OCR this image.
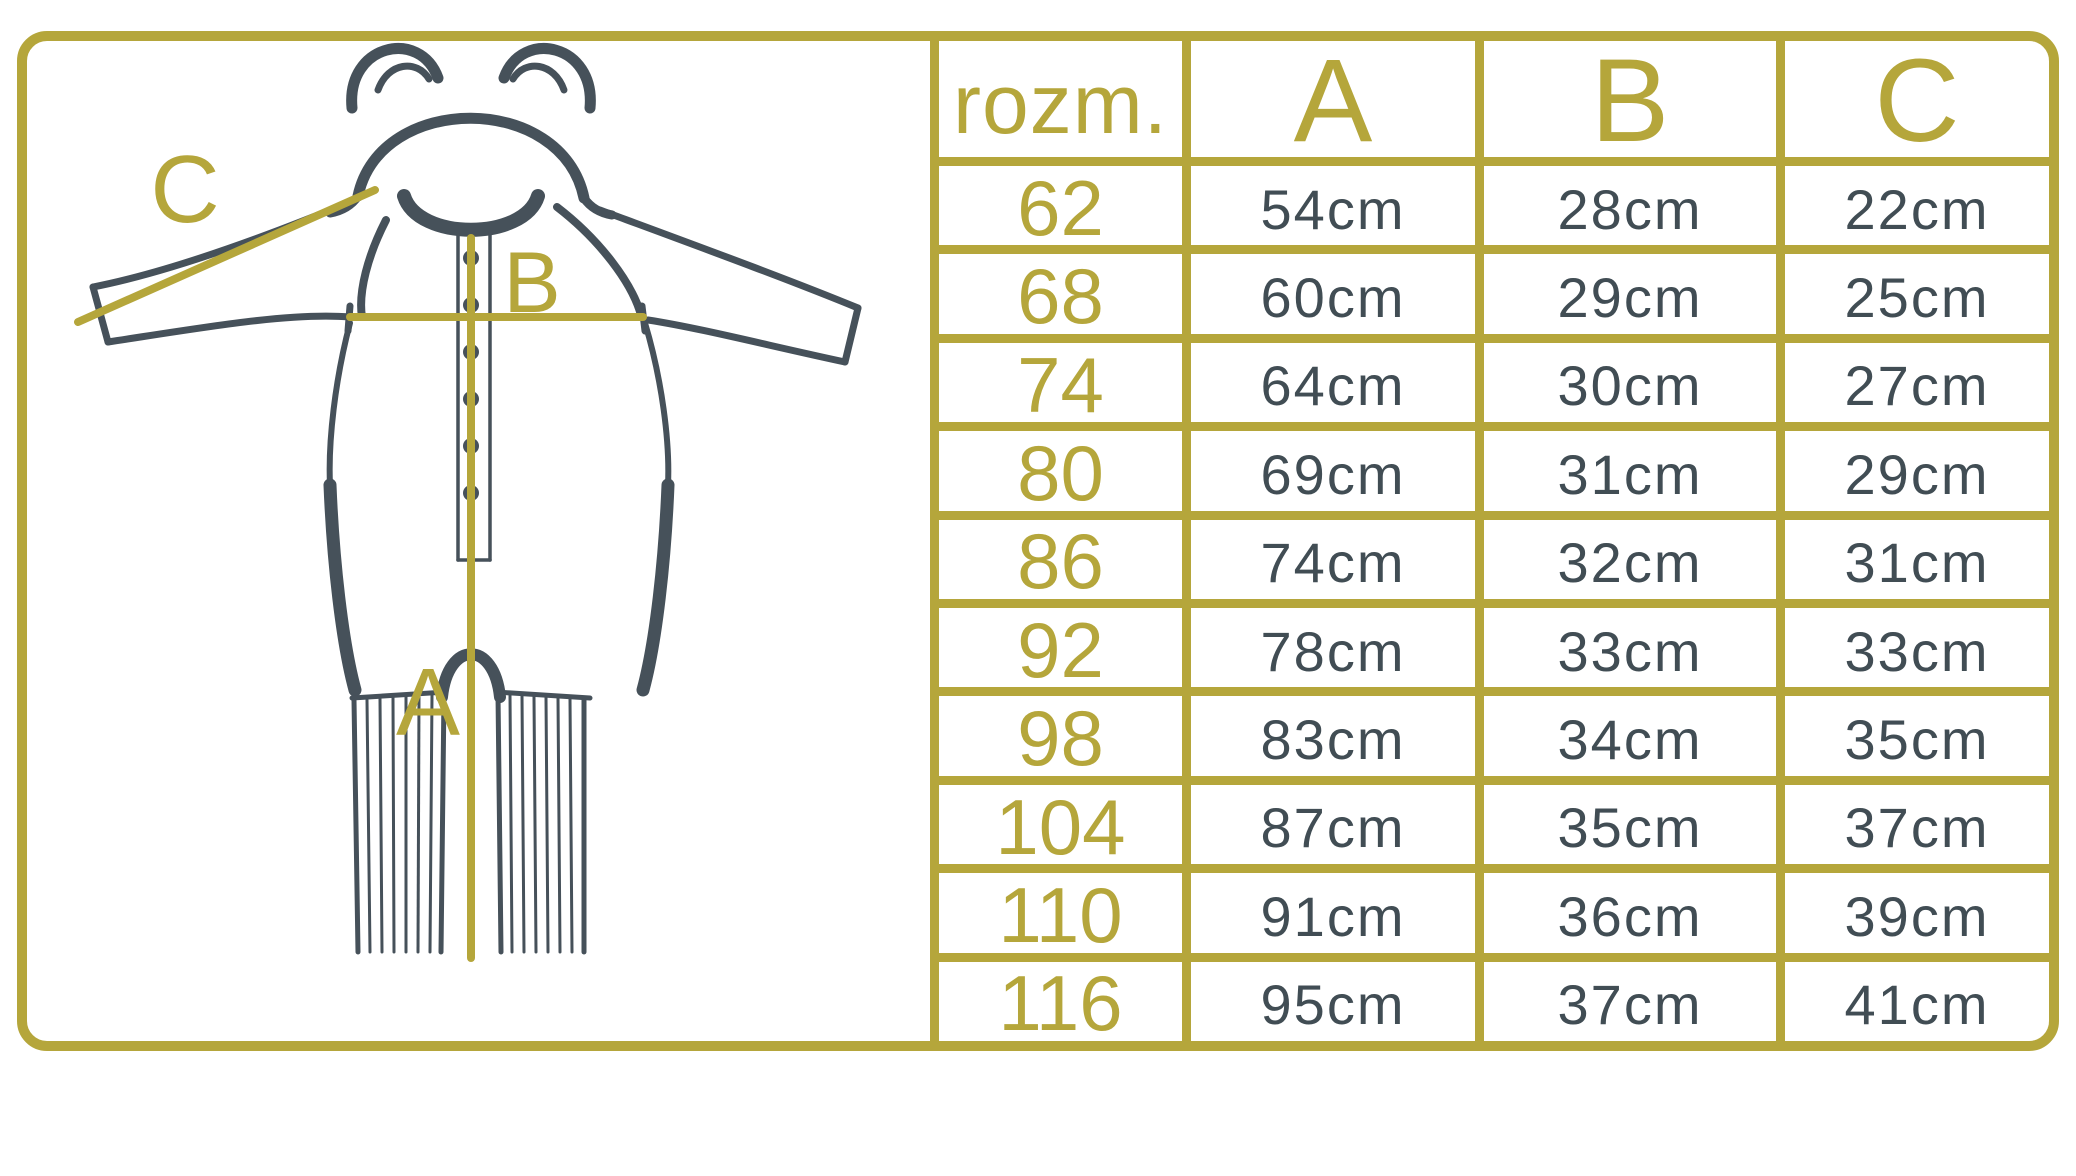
rozm.	A	B	C
62	54cm	28cm	22cm
68	60cm	29cm	25cm
74	64cm	30cm	27cm
80	69cm	31cm	29cm
86	74cm	32cm	31cm
92	78cm	33cm	33cm
98	83cm	34cm	35cm
104	87cm	35cm	37cm
110	91cm	36cm	39cm
116	95cm	37cm	41cm
C
B
A
